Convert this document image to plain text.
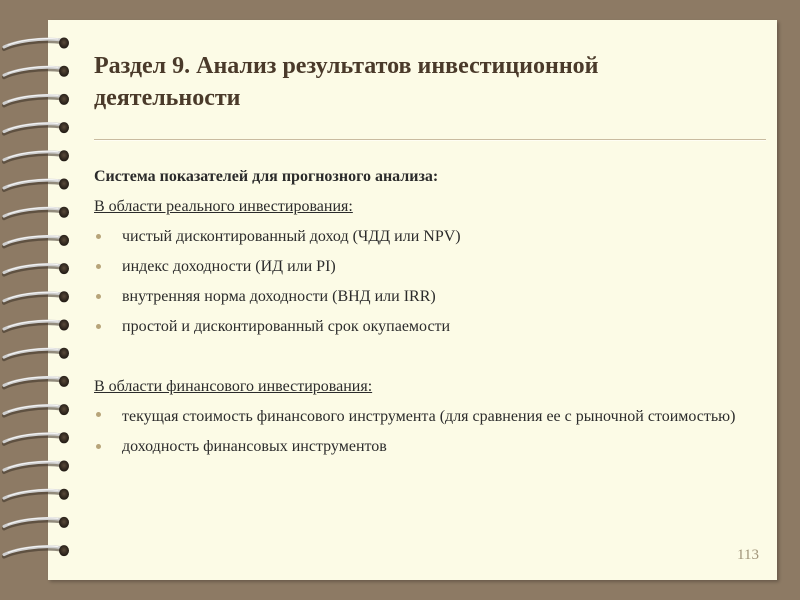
Раздел 9. Анализ результатов инвестиционной деятельности
Система показателей для прогнозного анализа:
В области реального инвестирования:
чистый дисконтированный доход (ЧДД или NPV)
индекс доходности (ИД или PI)
внутренняя норма доходности (ВНД или IRR)
простой и дисконтированный срок окупаемости
В области финансового инвестирования:
текущая стоимость финансового инструмента (для сравнения ее с рыночной стоимостью)
доходность финансовых инструментов
113
